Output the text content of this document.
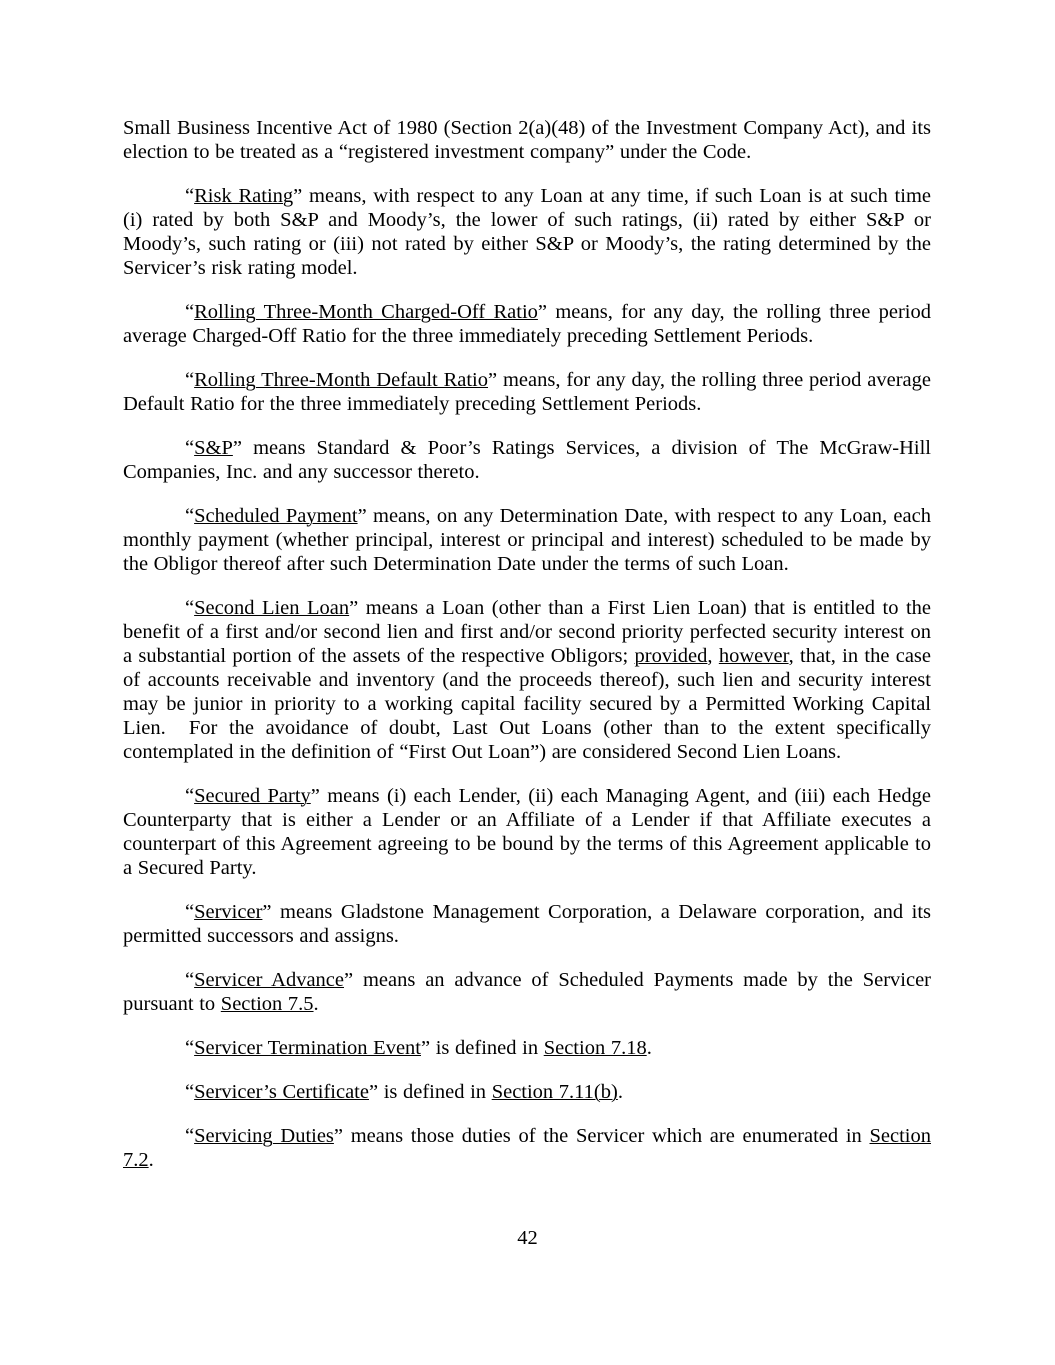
Small Business Incentive Act of 1980 (Section 2(a)(48) of the Investment Company Act), and its election to be treated as a “registered investment company” under the Code.

“Risk Rating” means, with respect to any Loan at any time, if such Loan is at such time (i) rated by both S&P and Moody’s, the lower of such ratings, (ii) rated by either S&P or Moody’s, such rating or (iii) not rated by either S&P or Moody’s, the rating determined by the Servicer’s risk rating model.

“Rolling Three-Month Charged-Off Ratio” means, for any day, the rolling three period average Charged-Off Ratio for the three immediately preceding Settlement Periods.

“Rolling Three-Month Default Ratio” means, for any day, the rolling three period average Default Ratio for the three immediately preceding Settlement Periods.

“S&P” means Standard & Poor’s Ratings Services, a division of The McGraw-Hill Companies, Inc. and any successor thereto.

“Scheduled Payment” means, on any Determination Date, with respect to any Loan, each monthly payment (whether principal, interest or principal and interest) scheduled to be made by the Obligor thereof after such Determination Date under the terms of such Loan.

“Second Lien Loan” means a Loan (other than a First Lien Loan) that is entitled to the benefit of a first and/or second lien and first and/or second priority perfected security interest on a substantial portion of the assets of the respective Obligors; provided, however, that, in the case of accounts receivable and inventory (and the proceeds thereof), such lien and security interest may be junior in priority to a working capital facility secured by a Permitted Working Capital Lien.  For the avoidance of doubt, Last Out Loans (other than to the extent specifically contemplated in the definition of “First Out Loan”) are considered Second Lien Loans.

“Secured Party” means (i) each Lender, (ii) each Managing Agent, and (iii) each Hedge Counterparty that is either a Lender or an Affiliate of a Lender if that Affiliate executes a counterpart of this Agreement agreeing to be bound by the terms of this Agreement applicable to a Secured Party.

“Servicer” means Gladstone Management Corporation, a Delaware corporation, and its permitted successors and assigns.

“Servicer Advance” means an advance of Scheduled Payments made by the Servicer pursuant to Section 7.5.

“Servicer Termination Event” is defined in Section 7.18.

“Servicer’s Certificate” is defined in Section 7.11(b).

“Servicing Duties” means those duties of the Servicer which are enumerated in Section 7.2.

42
